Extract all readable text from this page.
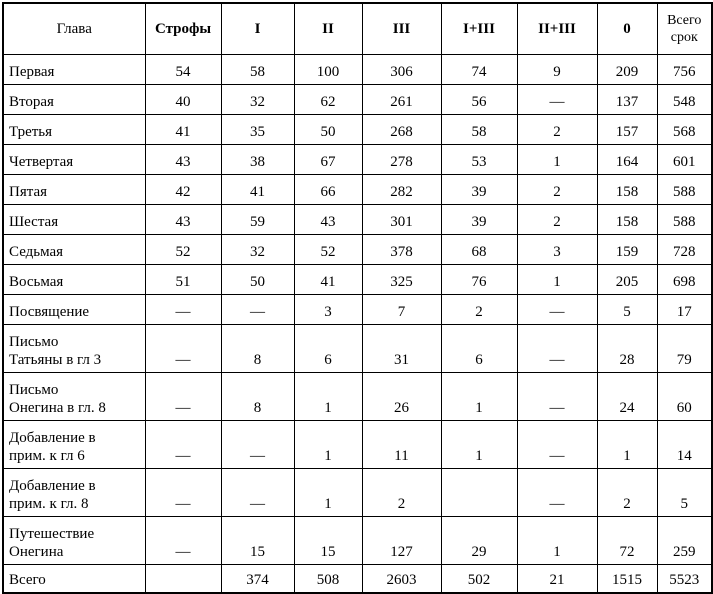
Глава	Строфы	I	II	III	I+III	II+III	0	Всего
срок
Первая	54	58	100	306	74	9	209	756
Вторая	40	32	62	261	56	—	137	548
Третья	41	35	50	268	58	2	157	568
Четвертая	43	38	67	278	53	1	164	601
Пятая	42	41	66	282	39	2	158	588
Шестая	43	59	43	301	39	2	158	588
Седьмая	52	32	52	378	68	3	159	728
Восьмая	51	50	41	325	76	1	205	698
Посвящение	—	—	3	7	2	—	5	17
Письмо
Татьяны в гл 3	—	8	6	31	6	—	28	79
Письмо
Онегина в гл. 8	—	8	1	26	1	—	24	60
Добавление в
прим. к гл 6	—	—	1	11	1	—	1	14
Добавление в
прим. к гл. 8	—	—	1	2		—	2	5
Путешествие
Онегина	—	15	15	127	29	1	72	259
Всего		374	508	2603	502	21	1515	5523
